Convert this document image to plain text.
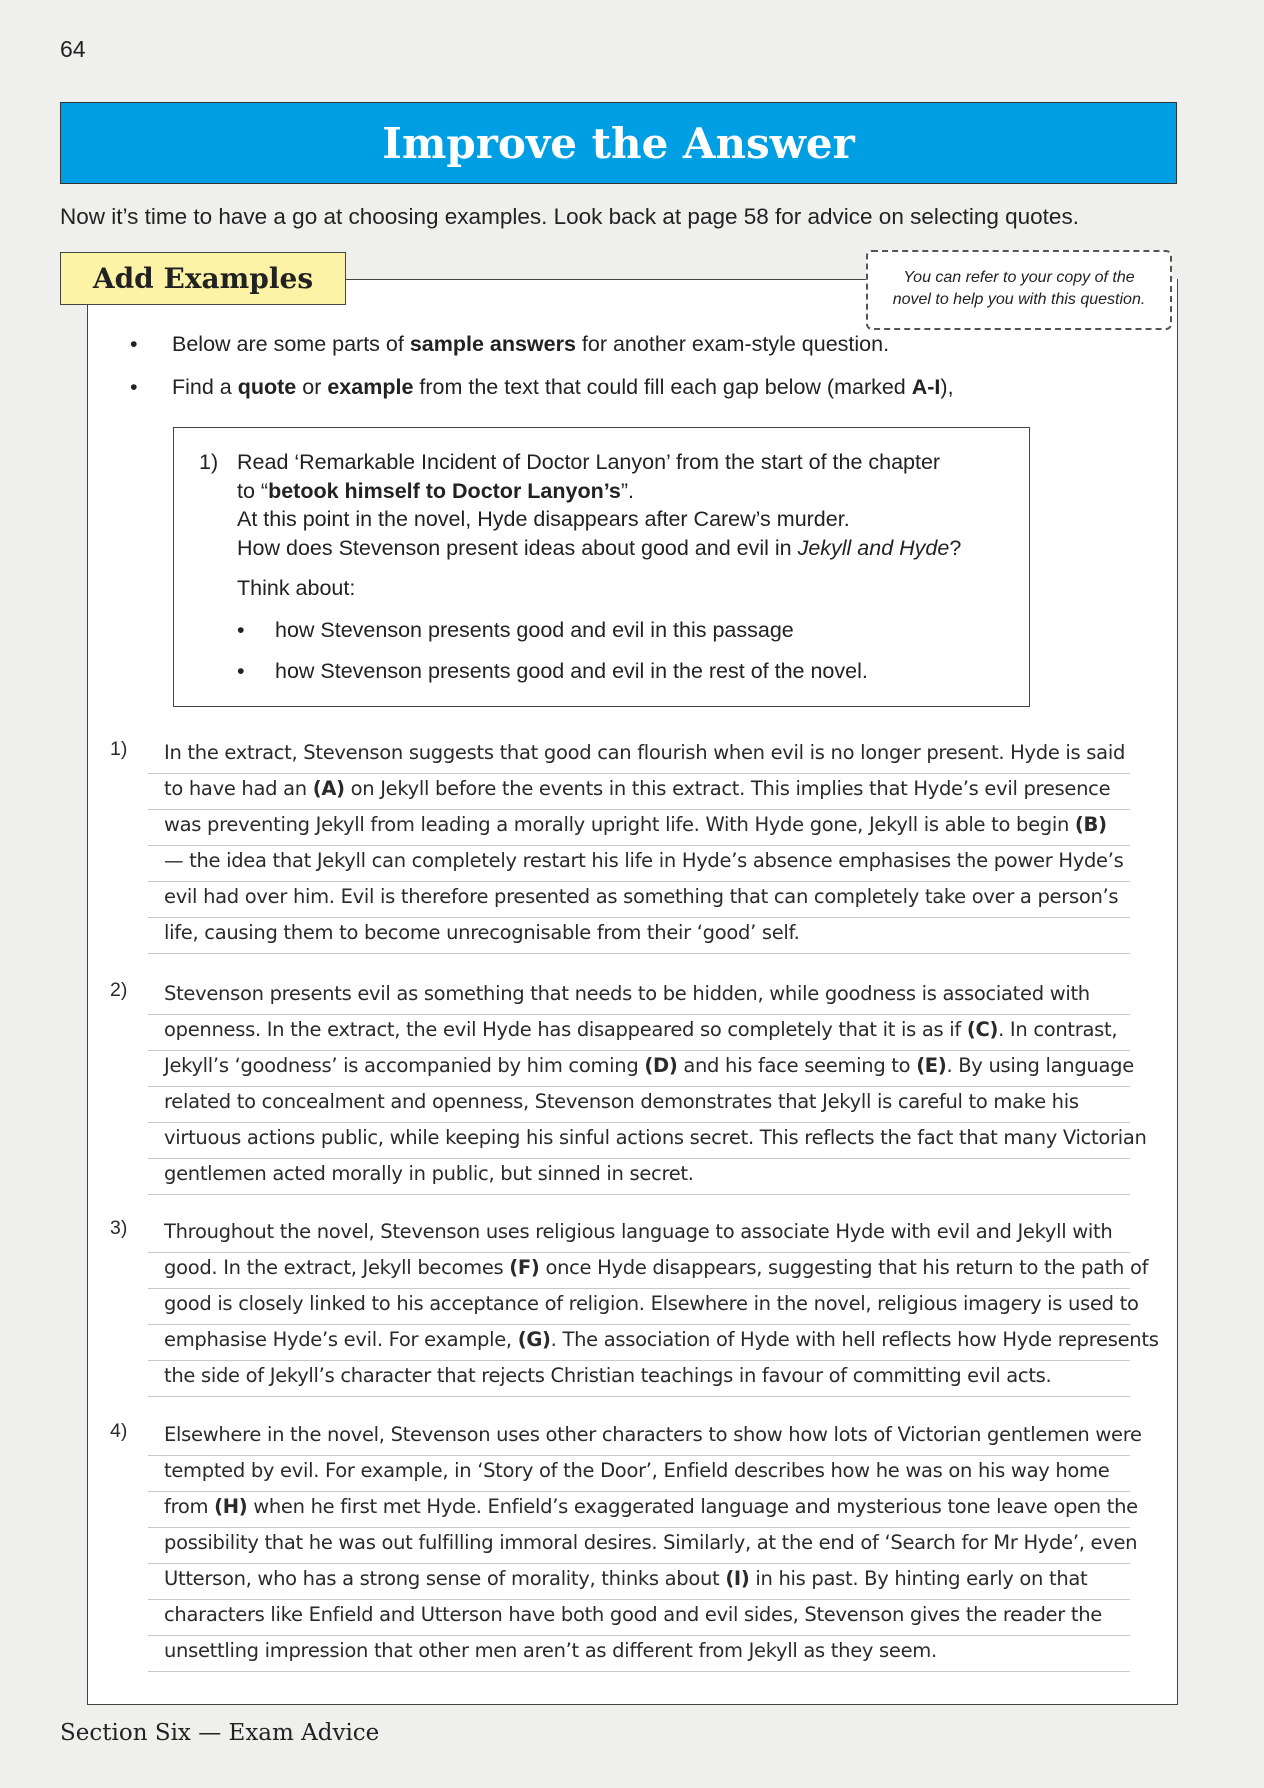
64
Improve the Answer
Now it’s time to have a go at choosing examples. Look back at page 58 for advice on selecting quotes.
Add Examples	You can refer to your copy of the
novel to help you with this question.
• Below are some parts of sample answers for another exam-style question.
• Find a quote or example from the text that could fill each gap below (marked A-I),
1) Read ‘Remarkable Incident of Doctor Lanyon’ from the start of the chapter
to “betook himself to Doctor Lanyon’s”.
At this point in the novel, Hyde disappears after Carew’s murder.
How does Stevenson present ideas about good and evil in Jekyll and Hyde?
Think about:
• how Stevenson presents good and evil in this passage
• how Stevenson presents good and evil in the rest of the novel.
1)	In the extract, Stevenson suggests that good can flourish when evil is no longer present. Hyde is said
to have had an (A) on Jekyll before the events in this extract. This implies that Hyde’s evil presence
was preventing Jekyll from leading a morally upright life. With Hyde gone, Jekyll is able to begin (B)
— the idea that Jekyll can completely restart his life in Hyde’s absence emphasises the power Hyde’s
evil had over him. Evil is therefore presented as something that can completely take over a person’s
life, causing them to become unrecognisable from their ‘good’ self.
2)	Stevenson presents evil as something that needs to be hidden, while goodness is associated with
openness. In the extract, the evil Hyde has disappeared so completely that it is as if (C). In contrast,
Jekyll’s ‘goodness’ is accompanied by him coming (D) and his face seeming to (E). By using language
related to concealment and openness, Stevenson demonstrates that Jekyll is careful to make his
virtuous actions public, while keeping his sinful actions secret. This reflects the fact that many Victorian
gentlemen acted morally in public, but sinned in secret.
3)	Throughout the novel, Stevenson uses religious language to associate Hyde with evil and Jekyll with
good. In the extract, Jekyll becomes (F) once Hyde disappears, suggesting that his return to the path of
good is closely linked to his acceptance of religion. Elsewhere in the novel, religious imagery is used to
emphasise Hyde’s evil. For example, (G). The association of Hyde with hell reflects how Hyde represents
the side of Jekyll’s character that rejects Christian teachings in favour of committing evil acts.
4)	Elsewhere in the novel, Stevenson uses other characters to show how lots of Victorian gentlemen were
tempted by evil. For example, in ‘Story of the Door’, Enfield describes how he was on his way home
from (H) when he first met Hyde. Enfield’s exaggerated language and mysterious tone leave open the
possibility that he was out fulfilling immoral desires. Similarly, at the end of ‘Search for Mr Hyde’, even
Utterson, who has a strong sense of morality, thinks about (I) in his past. By hinting early on that
characters like Enfield and Utterson have both good and evil sides, Stevenson gives the reader the
unsettling impression that other men aren’t as different from Jekyll as they seem.
Section Six — Exam Advice
